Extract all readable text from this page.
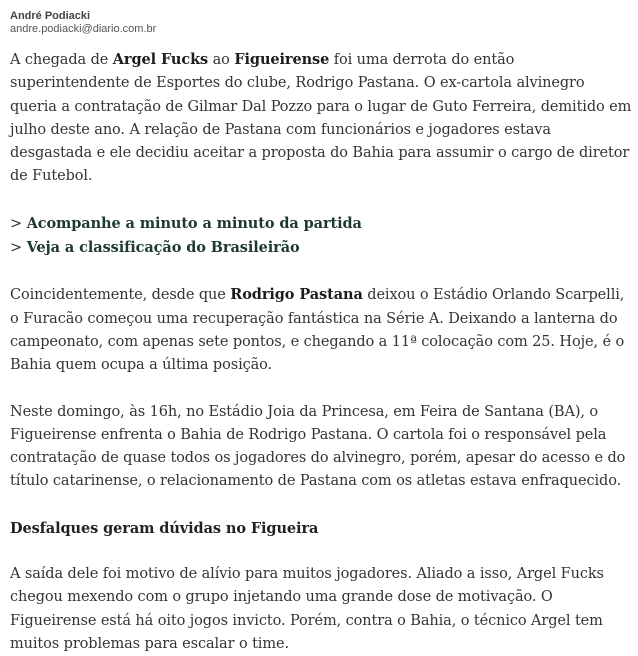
André Podiacki
andre.podiacki@diario.com.br

A chegada de Argel Fucks ao Figueirense foi uma derrota do então superintendente de Esportes do clube, Rodrigo Pastana. O ex-cartola alvinegro queria a contratação de Gilmar Dal Pozzo para o lugar de Guto Ferreira, demitido em julho deste ano. A relação de Pastana com funcionários e jogadores estava desgastada e ele decidiu aceitar a proposta do Bahia para assumir o cargo de diretor de Futebol.

> Acompanhe a minuto a minuto da partida
> Veja a classificação do Brasileirão

Coincidentemente, desde que Rodrigo Pastana deixou o Estádio Orlando Scarpelli, o Furacão começou uma recuperação fantástica na Série A. Deixando a lanterna do campeonato, com apenas sete pontos, e chegando a 11ª colocação com 25. Hoje, é o Bahia quem ocupa a última posição.

Neste domingo, às 16h, no Estádio Joia da Princesa, em Feira de Santana (BA), o Figueirense enfrenta o Bahia de Rodrigo Pastana. O cartola foi o responsável pela contratação de quase todos os jogadores do alvinegro, porém, apesar do acesso e do título catarinense, o relacionamento de Pastana com os atletas estava enfraquecido.

Desfalques geram dúvidas no Figueira

A saída dele foi motivo de alívio para muitos jogadores. Aliado a isso, Argel Fucks chegou mexendo com o grupo injetando uma grande dose de motivação. O Figueirense está há oito jogos invicto. Porém, contra o Bahia, o técnico Argel tem muitos problemas para escalar o time.
